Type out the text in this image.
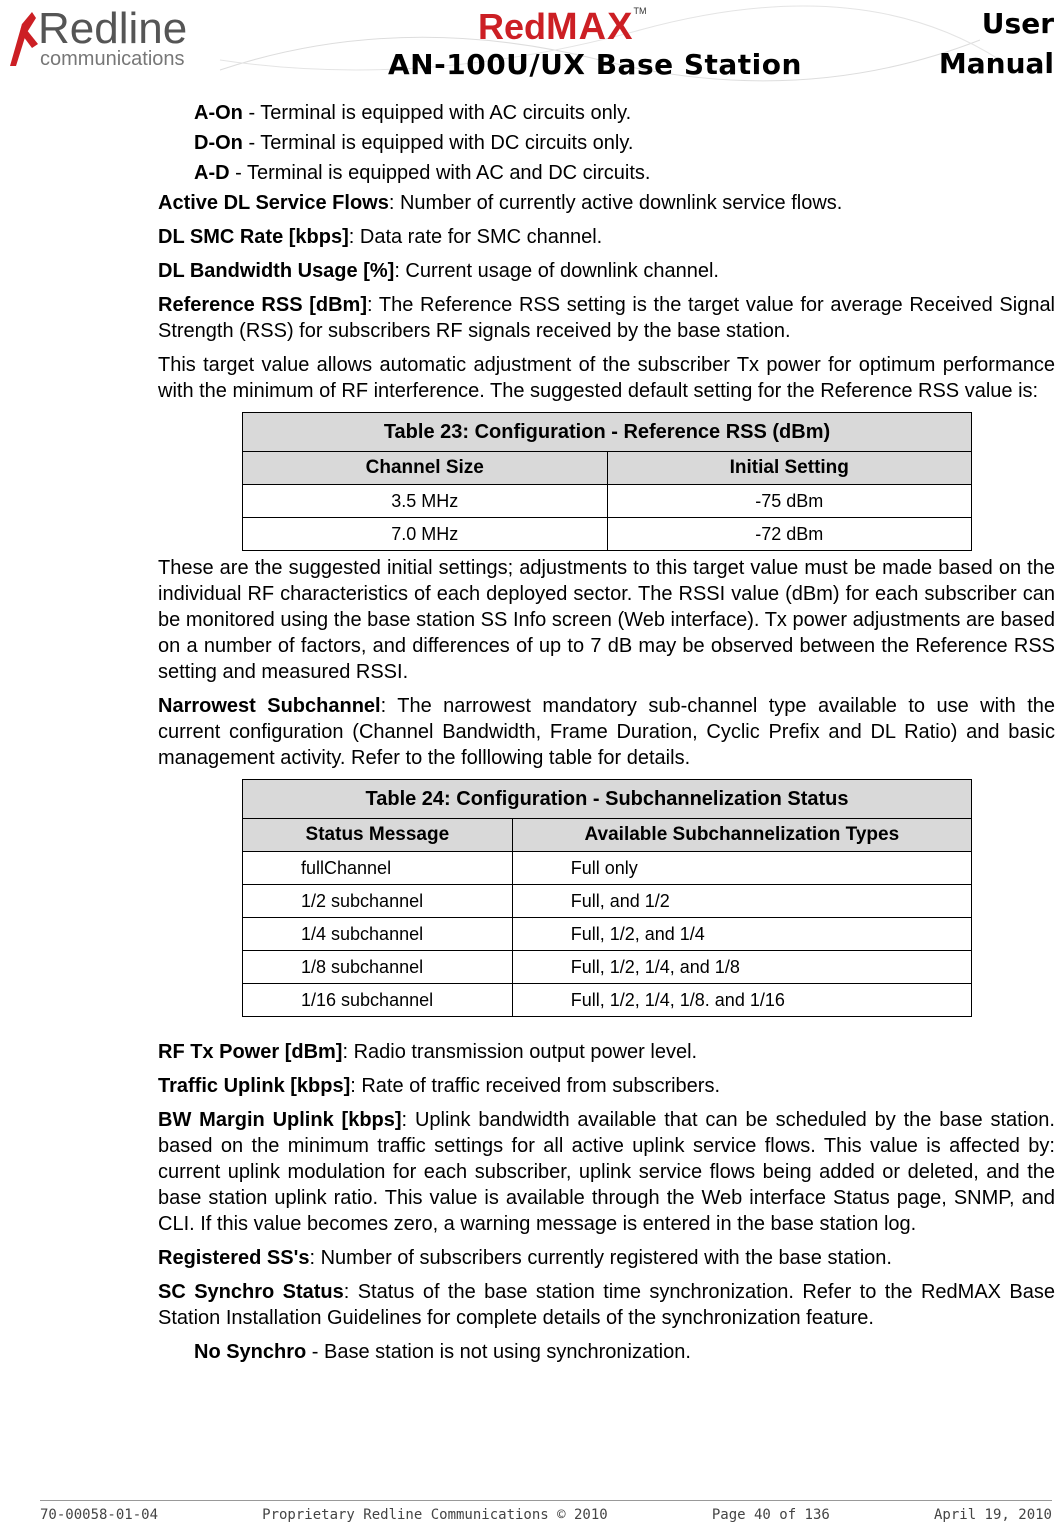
Redline
communications
RedMAX™
AN-100U/UX Base Station
User
Manual

A-On - Terminal is equipped with AC circuits only.

D-On - Terminal is equipped with DC circuits only.

A-D - Terminal is equipped with AC and DC circuits.

Active DL Service Flows: Number of currently active downlink service flows.

DL SMC Rate [kbps]: Data rate for SMC channel.

DL Bandwidth Usage [%]: Current usage of downlink channel.

Reference RSS [dBm]: The Reference RSS setting is the target value for average Received Signal Strength (RSS) for subscribers RF signals received by the base station.

This target value allows automatic adjustment of the subscriber Tx power for optimum performance with the minimum of RF interference. The suggested default setting for the Reference RSS value is:

Table 23: Configuration - Reference RSS (dBm)
Channel Size	Initial Setting
3.5 MHz	-75 dBm
7.0 MHz	-72 dBm

These are the suggested initial settings; adjustments to this target value must be made based on the individual RF characteristics of each deployed sector. The RSSI value (dBm) for each subscriber can be monitored using the base station SS Info screen (Web interface). Tx power adjustments are based on a number of factors, and differences of up to 7 dB may be observed between the Reference RSS setting and measured RSSI.

Narrowest Subchannel: The narrowest mandatory sub-channel type available to use with the current configuration (Channel Bandwidth, Frame Duration, Cyclic Prefix and DL Ratio) and basic management activity. Refer to the folllowing table for details.

Table 24: Configuration - Subchannelization Status
Status Message	Available Subchannelization Types
fullChannel	Full only
1/2 subchannel	Full, and 1/2
1/4 subchannel	Full, 1/2, and 1/4
1/8 subchannel	Full, 1/2, 1/4, and 1/8
1/16 subchannel	Full, 1/2, 1/4, 1/8. and 1/16

RF Tx Power [dBm]: Radio transmission output power level.

Traffic Uplink [kbps]: Rate of traffic received from subscribers.

BW Margin Uplink [kbps]: Uplink bandwidth available that can be scheduled by the base station. based on the minimum traffic settings for all active uplink service flows. This value is affected by: current uplink modulation for each subscriber, uplink service flows being added or deleted, and the base station uplink ratio. This value is available through the Web interface Status page, SNMP, and CLI. If this value becomes zero, a warning message is entered in the base station log.

Registered SS's: Number of subscribers currently registered with the base station.

SC Synchro Status: Status of the base station time synchronization. Refer to the RedMAX Base Station Installation Guidelines for complete details of the synchronization feature.

No Synchro - Base station is not using synchronization.

70-00058-01-04	Proprietary Redline Communications © 2010	Page 40 of 136	April 19, 2010
